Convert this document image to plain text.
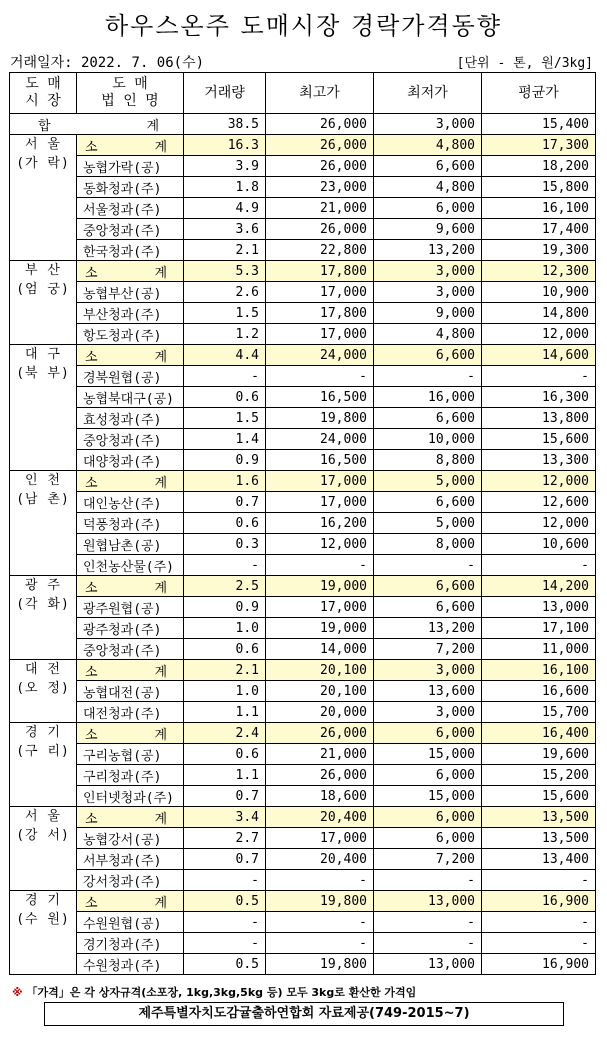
하우스온주 도매시장 경락가격동향
거래일자: 2022. 7. 06(수)	[단위 - 톤, 원/3kg]
도 매
시 장	도 매
법 인 명	거래량	최고가	최저가	평균가

합 계		38.5	26,000	3,000	15,400
서 울
(가 락)	소 계	16.3	26,000	4,800	17,300
	농협가락(공)	3.9	26,000	6,600	18,200
	동화청과(주)	1.8	23,000	4,800	15,800
	서울청과(주)	4.9	21,000	6,000	16,100
	중앙청과(주)	3.6	26,000	9,600	17,400
	한국청과(주)	2.1	22,800	13,200	19,300
부 산
(엄 궁)	소 계	5.3	17,800	3,000	12,300
	농협부산(공)	2.6	17,000	3,000	10,900
	부산청과(주)	1.5	17,800	9,000	14,800
	항도청과(주)	1.2	17,000	4,800	12,000
대 구
(북 부)	소 계	4.4	24,000	6,600	14,600
	경북원협(공)	-	-	-	-
	농협북대구(공)	0.6	16,500	16,000	16,300
	효성청과(주)	1.5	19,800	6,600	13,800
	중앙청과(주)	1.4	24,000	10,000	15,600
	대양청과(주)	0.9	16,500	8,800	13,300
인 천
(남 촌)	소 계	1.6	17,000	5,000	12,000
	대인농산(주)	0.7	17,000	6,600	12,600
	덕풍청과(주)	0.6	16,200	5,000	12,000
	원협남촌(공)	0.3	12,000	8,000	10,600
	인천농산물(주)	-	-	-	-
광 주
(각 화)	소 계	2.5	19,000	6,600	14,200
	광주원협(공)	0.9	17,000	6,600	13,000
	광주청과(주)	1.0	19,000	13,200	17,100
	중앙청과(주)	0.6	14,000	7,200	11,000
대 전
(오 정)	소 계	2.1	20,100	3,000	16,100
	농협대전(공)	1.0	20,100	13,600	16,600
	대전청과(주)	1.1	20,000	3,000	15,700
경 기
(구 리)	소 계	2.4	26,000	6,000	16,400
	구리농협(공)	0.6	21,000	15,000	19,600
	구리청과(주)	1.1	26,000	6,000	15,200
	인터넷청과(주)	0.7	18,600	15,000	15,600
서 울
(강 서)	소 계	3.4	20,400	6,000	13,500
	농협강서(공)	2.7	17,000	6,000	13,500
	서부청과(주)	0.7	20,400	7,200	13,400
	강서청과(주)	-	-	-	-
경 기
(수 원)	소 계	0.5	19,800	13,000	16,900
	수원원협(공)	-	-	-	-
	경기청과(주)	-	-	-	-
	수원청과(주)	0.5	19,800	13,000	16,900
※ 「가격」은 각 상자규격(소포장, 1kg,3kg,5kg 등) 모두 3kg로 환산한 가격임
제주특별자치도감귤출하연합회 자료제공(749-2015~7)
